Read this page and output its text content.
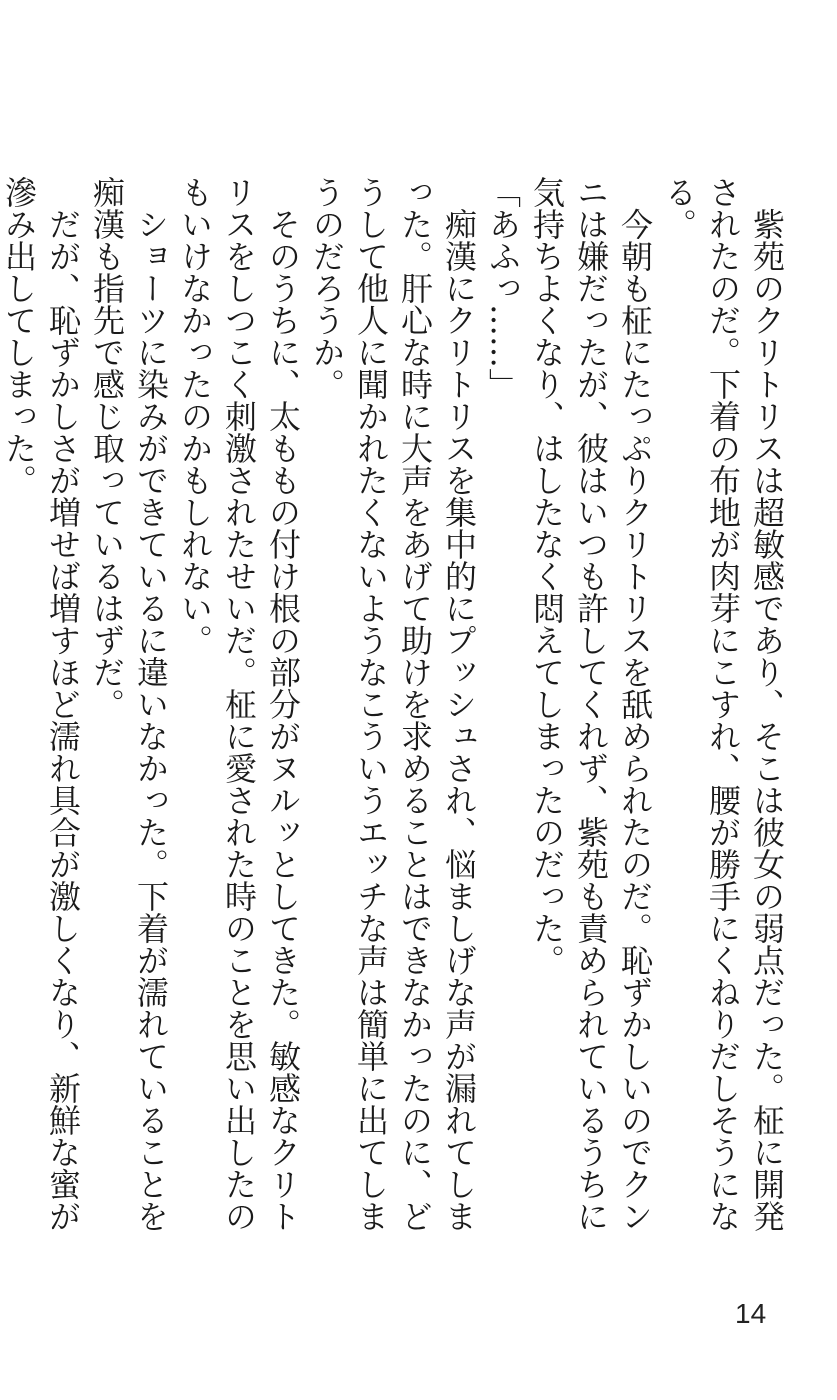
　紫苑のクリトリスは超敏感であり、そこは彼女の弱点だった。柾に開発されたのだ。下着の布地が肉芽にこすれ、腰が勝手にくねりだしそうになる。

　今朝も柾にたっぷりクリトリスを舐められたのだ。恥ずかしいのでクンニは嫌だったが、彼はいつも許してくれず、紫苑も責められているうちに気持ちよくなり、はしたなく悶えてしまったのだった。

「あふっ……」

　痴漢にクリトリスを集中的にプッシュされ、悩ましげな声が漏れてしまった。肝心な時に大声をあげて助けを求めることはできなかったのに、どうして他人に聞かれたくないようなこういうエッチな声は簡単に出てしまうのだろうか。

　そのうちに、太ももの付け根の部分がヌルッとしてきた。敏感なクリトリスをしつこく刺激されたせいだ。柾に愛された時のことを思い出したのもいけなかったのかもしれない。

　ショーツに染みができているに違いなかった。下着が濡れていることを痴漢も指先で感じ取っているはずだ。

　だが、恥ずかしさが増せば増すほど濡れ具合が激しくなり、新鮮な蜜が滲み出してしまった。

14
